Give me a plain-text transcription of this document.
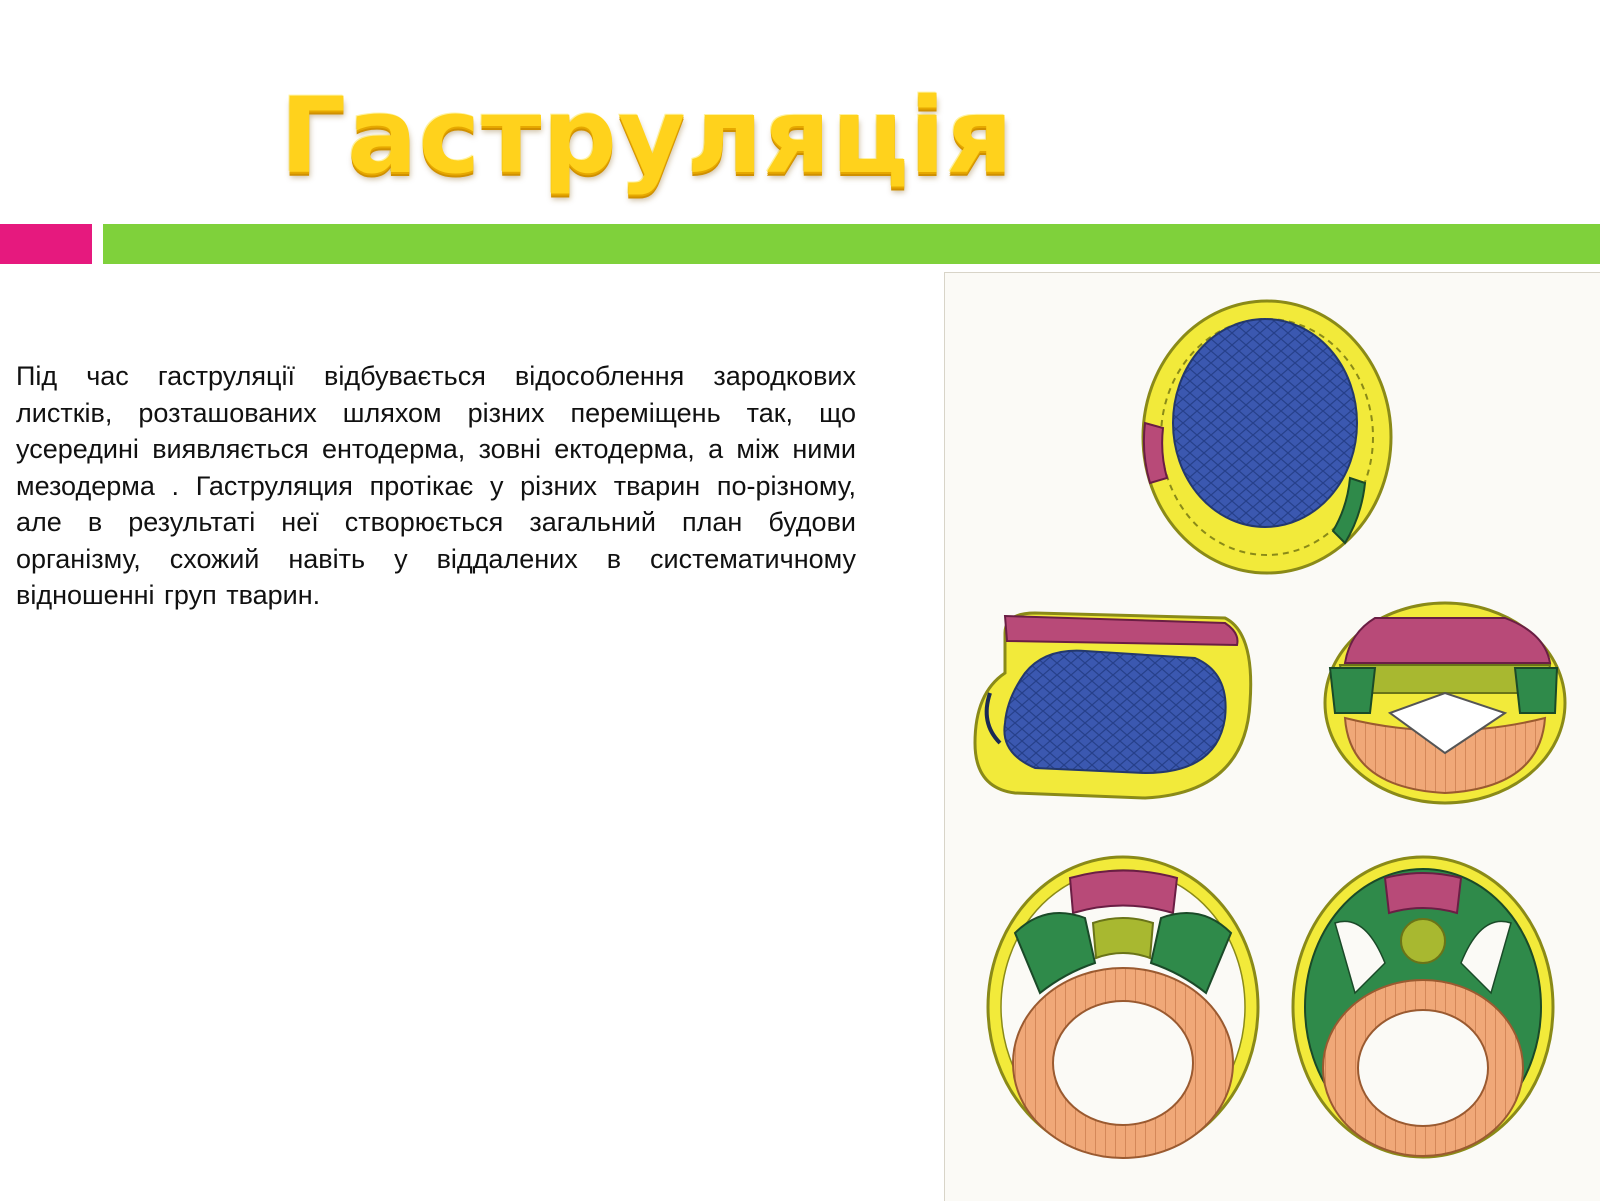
Гаструляція
Під час гаструляції відбувається відособлення зародкових листків, розташованих шляхом різних переміщень так, що усередині виявляється ентодерма, зовні ектодерма, а між ними мезодерма . Гаструляция протікає у різних тварин по-різному, але в результаті неї створюється загальний план будови організму, схожий навіть у віддалених в систематичному відношенні груп тварин.
